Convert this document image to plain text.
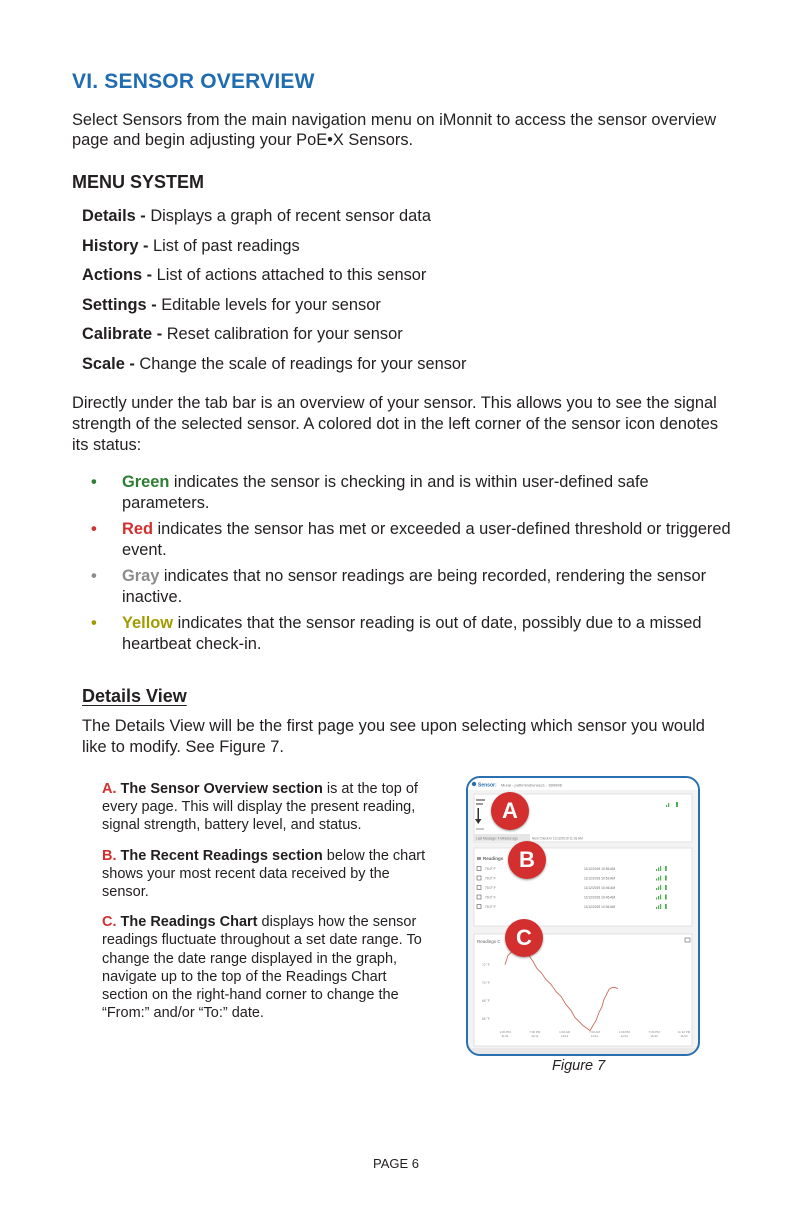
VI. SENSOR OVERVIEW
Select Sensors from the main navigation menu on iMonnit to access the sensor overview page and begin adjusting your PoE•X Sensors.
MENU SYSTEM
Details - Displays a graph of recent sensor data
History - List of past readings
Actions - List of actions attached to this sensor
Settings - Editable levels for your sensor
Calibrate - Reset calibration for your sensor
Scale - Change the scale of readings for your sensor
Directly under the tab bar is an overview of your sensor. This allows you to see the signal strength of the selected sensor. A colored dot in the left corner of the sensor icon denotes its status:
• Green indicates the sensor is checking in and is within user-defined safe parameters.
• Red indicates the sensor has met or exceeded a user-defined threshold or triggered event.
• Gray indicates that no sensor readings are being recorded, rendering the sensor inactive.
• Yellow indicates that the sensor reading is out of date, possibly due to a missed heartbeat check-in.
Details View
The Details View will be the first page you see upon selecting which sensor you would like to modify. See Figure 7.

A. The Sensor Overview section is at the top of every page. This will display the present reading, signal strength, battery level, and status.

B. The Recent Readings section below the chart shows your most recent data received by the sensor.

C. The Readings Chart displays how the sensor readings fluctuate throughout a set date range. To change the date range displayed in the graph, navigate up to the top of the Readings Chart section on the right-hand corner to change the “From:” and/or “To:” date.

Sensor: Mural - pathmind/unsec1 - 699896
Last Message: 4 Minutes ago	Next Check-in 11/12/2019 11:03 AM
Readings
70.0° F	11/12/2019 10:56 AM
70.0° F	11/12/2019 10:53 AM
70.0° F	11/12/2019 10:46 AM
70.0° F	11/12/2019 10:46 AM
70.0° F	11/12/2019 10:36 AM
Readings C
72 °F
70 °F
68 °F
66 °F
1:00 PM
11/11
7:00 PM
11/11
1:00 AM
11/12
7:00 AM
11/12
1:00 PM
11/12
7:00 PM
11/12
11:10 PM
11/12
A
B
C
Figure 7
PAGE 6
